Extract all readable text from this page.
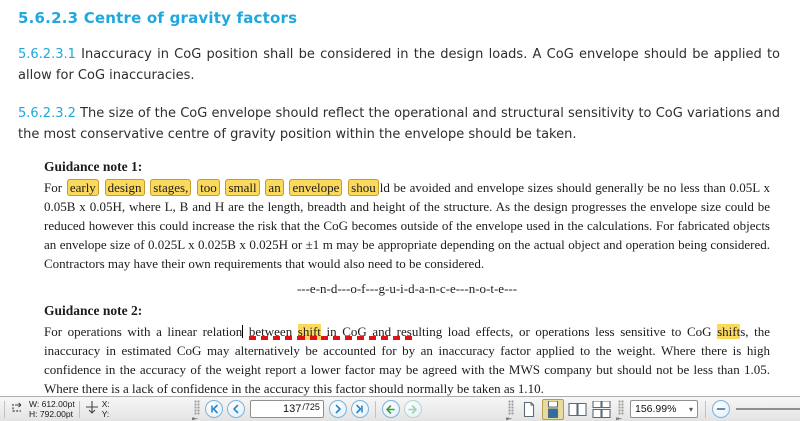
5.6.2.3 Centre of gravity factors
5.6.2.3.1 Inaccuracy in CoG position shall be considered in the design loads. A CoG envelope should be applied to allow for CoG inaccuracies.
5.6.2.3.2 The size of the CoG envelope should reflect the operational and structural sensitivity to CoG variations and the most conservative centre of gravity position within the envelope should be taken.
Guidance note 1:
For early design stages, too small an envelope shou ld be avoided and envelope sizes should generally be no less than 0.05L x 0.05B x 0.05H, where L, B and H are the length, breadth and height of the structure. As the design progresses the envelope size could be reduced however this could increase the risk that the CoG becomes outside of the envelope used in the calculations. For fabricated objects an envelope size of 0.025L x 0.025B x 0.025H or ±1 m may be appropriate depending on the actual object and operation being considered. Contractors may have their own requirements that would also need to be considered.
---e-n-d---o-f---g-u-i-d-a-n-c-e---n-o-t-e---
Guidance note 2:
For operations with a linear relation between shift in CoG and resulting load effects, or operations less sensitive to CoG shifts, the inaccuracy in estimated CoG may alternatively be accounted for by an inaccuracy factor applied to the weight. Where there is high confidence in the accuracy of the weight report a lower factor may be agreed with the MWS company but should not be less than 1.05. Where there is a lack of confidence in the accuracy this factor should normally be taken as 1.10.
W: 612.00pt
H: 792.00pt
X:
Y:
⇤
137
/725 ⇤ ⇤	156.99% ▾
